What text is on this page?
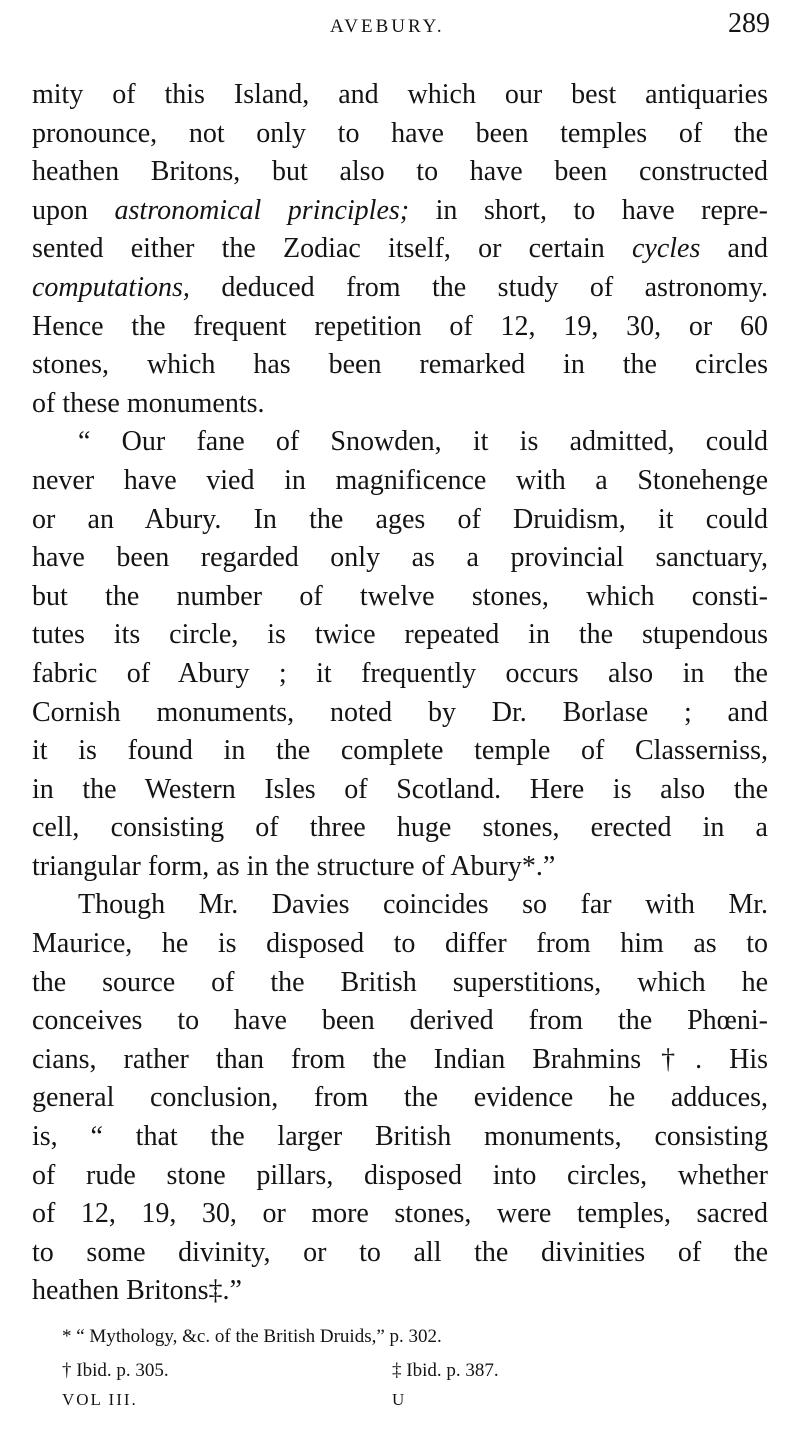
AVEBURY.	289
mity of this Island, and which our best antiquaries
pronounce, not only to have been temples of the
heathen Britons, but also to have been constructed
upon astronomical principles; in short, to have repre-
sented either the Zodiac itself, or certain cycles and
computations, deduced from the study of astronomy.
Hence the frequent repetition of 12, 19, 30, or 60
stones, which has been remarked in the circles
of these monuments.
“ Our fane of Snowden, it is admitted, could
never have vied in magnificence with a Stonehenge
or an Abury. In the ages of Druidism, it could
have been regarded only as a provincial sanctuary,
but the number of twelve stones, which consti-
tutes its circle, is twice repeated in the stupendous
fabric of Abury ; it frequently occurs also in the
Cornish monuments, noted by Dr. Borlase ; and
it is found in the complete temple of Classerniss,
in the Western Isles of Scotland. Here is also the
cell, consisting of three huge stones, erected in a
triangular form, as in the structure of Abury*.”
Though Mr. Davies coincides so far with Mr.
Maurice, he is disposed to differ from him as to
the source of the British superstitions, which he
conceives to have been derived from the Phœni-
cians, rather than from the Indian Brahmins†. His
general conclusion, from the evidence he adduces,
is, “ that the larger British monuments, consisting
of rude stone pillars, disposed into circles, whether
of 12, 19, 30, or more stones, were temples, sacred
to some divinity, or to all the divinities of the
heathen Britons‡.”
* “ Mythology, &c. of the British Druids,” p. 302.
† Ibid. p. 305.	‡ Ibid. p. 387.
VOL III.	U
